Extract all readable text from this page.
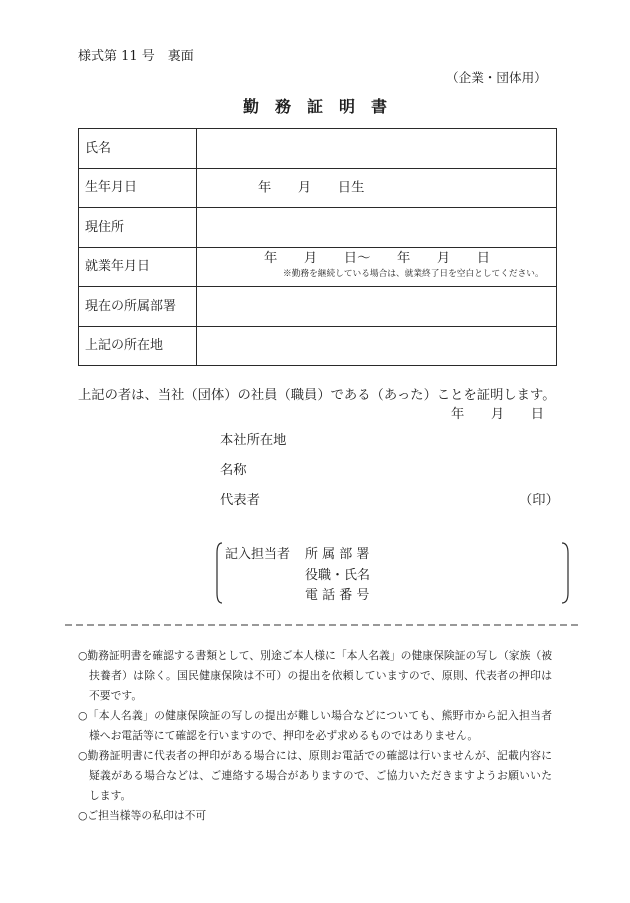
様式第 11 号　裏面
（企業・団体用）
勤　務　証　明　書
氏名
生年月日	年　　月　　日生
現住所
就業年月日
年　　月　　日〜　　年　　月　　日
※勤務を継続している場合は、就業終了日を空白としてください。
現在の所属部署
上記の所在地
上記の者は、当社（団体）の社員（職員）である（あった）ことを証明します。
年　　月　　日
本社所在地
名称
代表者	（印）
記入担当者 所 属 部 署
役職・氏名
電 話 番 号
○勤務証明書を確認する書類として、別途ご本人様に「本人名義」の健康保険証の写し（家族（被
扶養者）は除く。国民健康保険は不可）の提出を依頼していますので、原則、代表者の押印は
不要です。
○「本人名義」の健康保険証の写しの提出が難しい場合などについても、熊野市から記入担当者
様へお電話等にて確認を行いますので、押印を必ず求めるものではありません。
○勤務証明書に代表者の押印がある場合には、原則お電話での確認は行いませんが、記載内容に
疑義がある場合などは、ご連絡する場合がありますので、ご協力いただきますようお願いいた
します。
○ご担当様等の私印は不可
